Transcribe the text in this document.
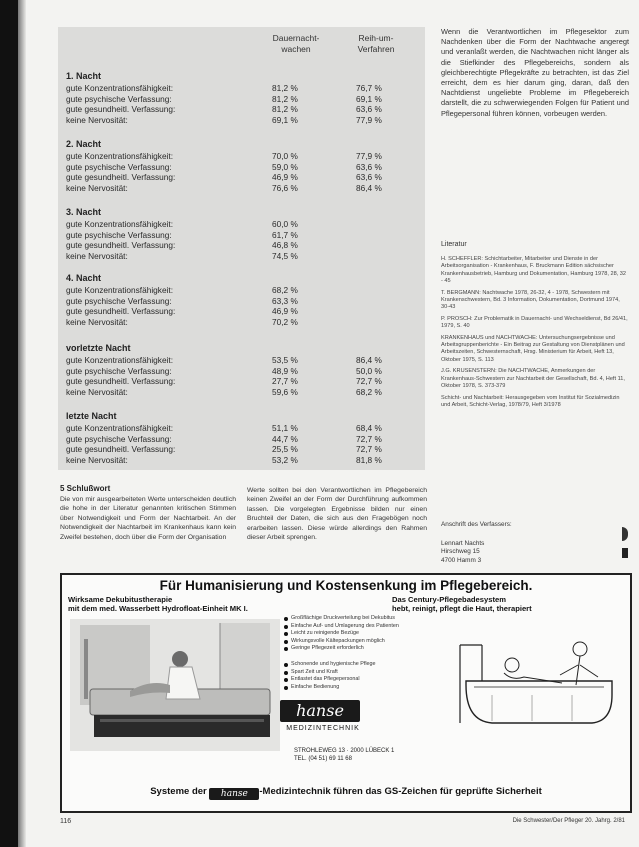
Dauernacht-
wachen
Reih-um-
Verfahren
1. Nacht
gute Konzentrationsfähigkeit:	81,2 %	76,7 %
gute psychische Verfassung:	81,2 %	69,1 %
gute gesundheitl. Verfassung:	81,2 %	63,6 %
keine Nervosität:	69,1 %	77,9 %
2. Nacht
gute Konzentrationsfähigkeit:	70,0 %	77,9 %
gute psychische Verfassung:	59,0 %	63,6 %
gute gesundheitl. Verfassung:	46,9 %	63,6 %
keine Nervosität:	76,6 %	86,4 %
3. Nacht
gute Konzentrationsfähigkeit:	60,0 %
gute psychische Verfassung:	61,7 %
gute gesundheitl. Verfassung:	46,8 %
keine Nervosität:	74,5 %
4. Nacht
gute Konzentrationsfähigkeit:	68,2 %
gute psychische Verfassung:	63,3 %
gute gesundheitl. Verfassung:	46,9 %
keine Nervosität:	70,2 %
vorletzte Nacht
gute Konzentrationsfähigkeit:	53,5 %	86,4 %
gute psychische Verfassung:	48,9 %	50,0 %
gute gesundheitl. Verfassung:	27,7 %	72,7 %
keine Nervosität:	59,6 %	68,2 %
letzte Nacht
gute Konzentrationsfähigkeit:	51,1 %	68,4 %
gute psychische Verfassung:	44,7 %	72,7 %
gute gesundheitl. Verfassung:	25,5 %	72,7 %
keine Nervosität:	53,2 %	81,8 %
Wenn die Verantwortlichen im Pflegesektor zum Nachdenken über die Form der Nachtwache angeregt und veranlaßt werden, die Nachtwachen nicht länger als die Stiefkinder des Pflegebereichs, sondern als gleichberechtigte Pflegekräfte zu betrachten, ist das Ziel erreicht, dem es hier darum ging, daran, daß den Nachtdienst ungeliebte Probleme im Pflegebereich darstellt, die zu schwerwiegenden Folgen für Patient und Pflegepersonal führen können, vorbeugen werden.
Literatur

H. SCHEFFLER: Schichtarbeiter, Mitarbeiter und Dienste in der Arbeitsorganisation - Krankenhaus, F. Bruckmann Edition sächsischer Krankenhausbetrieb, Hamburg und Dokumentation, Hamburg 1978, 28, 32 - 45

T. BERGMANN: Nachtwache 1978, 26-32, 4 - 1978, Schwestern mit Krankenschwestern, Bd. 3 Information, Dokumentation, Dortmund 1974, 30-43

P. PROSCH: Zur Problematik in Dauernacht- und Wechseldienst, Bd 26/41, 1979, S. 40

KRANKENHAUS und NACHTWACHE: Untersuchungsergebnisse und Arbeitsgruppenberichte - Ein Beitrag zur Gestaltung von Dienstplänen und Arbeitszeiten, Schwesternschaft, Hrsg. Ministerium für Arbeit, Heft 13, Oktober 1975, S. 113

J.G. KRUSENSTERN: Die NACHTWACHE, Anmerkungen der Krankenhaus-Schwestern zur Nachtarbeit der Gesellschaft, Bd. 4, Heft 11, Oktober 1978, S. 373-379

Schicht- und Nachtarbeit: Herausgegeben vom Institut für Sozialmedizin und Arbeit, Schicht-Verlag, 1978/79, Heft 3/1978

Anschrift des Verfassers:
Lennart Nachts
Hirschweg 15
4700 Hamm 3
5 Schlußwort
Die von mir ausgearbeiteten Werte unterscheiden deutlich die hohe in der Literatur genannten kritischen Stimmen über Notwendigkeit und Form der Nachtarbeit. An der Notwendigkeit der Nachtarbeit im Krankenhaus kann kein Zweifel bestehen, doch über die Form der Organisation
Werte sollten bei den Verantwortlichen im Pflegebereich keinen Zweifel an der Form der Durchführung aufkommen lassen. Die vorgelegten Ergebnisse bilden nur einen Bruchteil der Daten, die sich aus den Fragebögen noch erarbeiten lassen. Diese würde allerdings den Rahmen dieser Arbeit sprengen.
Für Humanisierung und Kostensenkung im Pflegebereich.
Wirksame Dekubitustherapie
mit dem med. Wasserbett Hydrofloat-Einheit MK I.
Das Century-Pflegebadesystem
hebt, reinigt, pflegt die Haut, therapiert
Großflächige Druckverteilung bei Dekubitus
Einfache Auf- und Umlagerung des Patienten
Leicht zu reinigende Bezüge
Wirkungsvolle Kältepackungen möglich
Geringe Pflegezeit erforderlich
Schonende und hygienische Pflege
Spart Zeit und Kraft
Entlastet das Pflegepersonal
Einfache Bedienung
hanse
MEDIZINTECHNIK
STROHLEWEG 13 · 2000 LÜBECK 1
TEL. (04 51) 69 11 68
Systeme der hanse -Medizintechnik führen das GS-Zeichen für geprüfte Sicherheit
116	Die Schwester/Der Pfleger 20. Jahrg. 2/81
